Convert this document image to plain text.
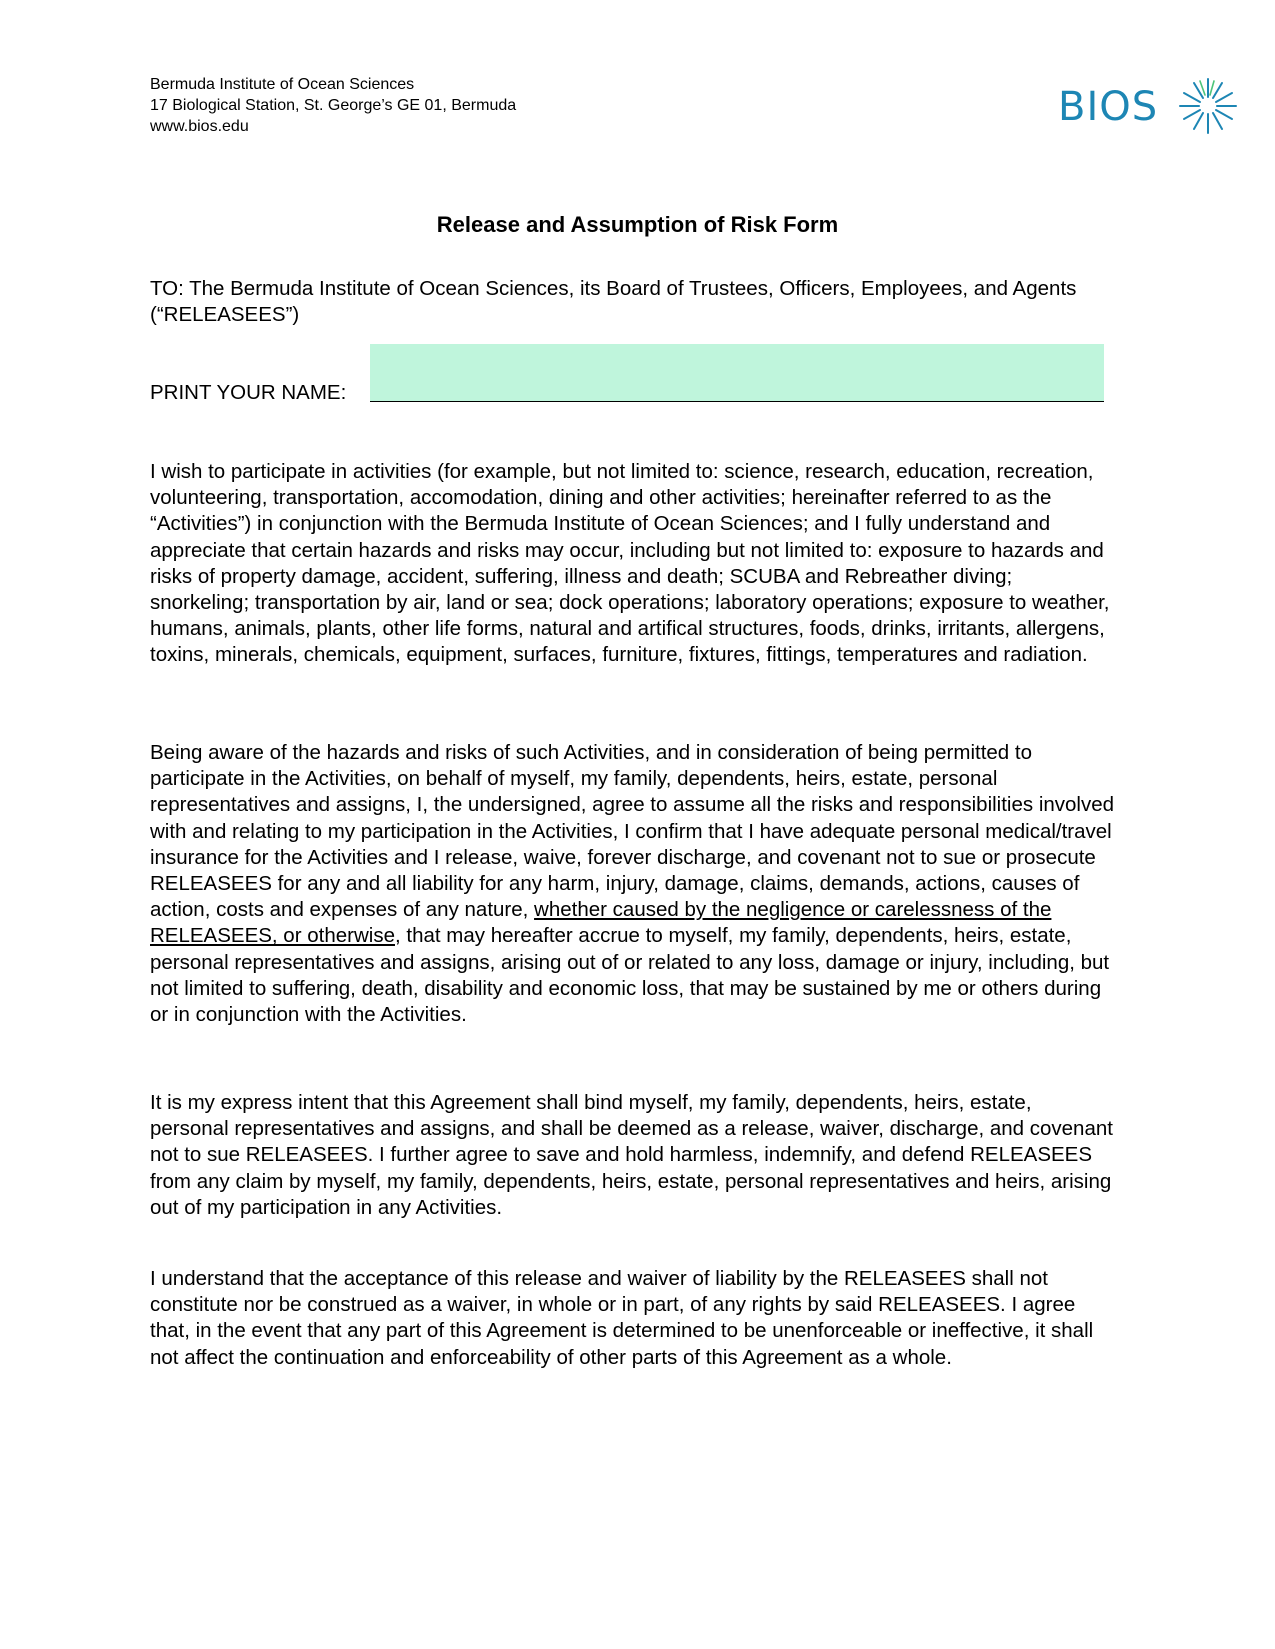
Bermuda Institute of Ocean Sciences
17 Biological Station, St. George’s GE 01, Bermuda
www.bios.edu	BIOS
Release and Assumption of Risk Form
TO: The Bermuda Institute of Ocean Sciences, its Board of Trustees, Officers, Employees, and Agents (“RELEASEES”)
PRINT YOUR NAME:

I wish to participate in activities (for example, but not limited to: science, research, education, recreation, volunteering, transportation, accomodation, dining and other activities; hereinafter referred to as the “Activities”) in conjunction with the Bermuda Institute of Ocean Sciences; and I fully understand and appreciate that certain hazards and risks may occur, including but not limited to: exposure to hazards and risks of property damage, accident, suffering, illness and death; SCUBA and Rebreather diving; snorkeling; transportation by air, land or sea; dock operations; laboratory operations; exposure to weather, humans, animals, plants, other life forms, natural and artifical structures, foods, drinks, irritants, allergens, toxins, minerals, chemicals, equipment, surfaces, furniture, fixtures, fittings, temperatures and radiation.

Being aware of the hazards and risks of such Activities, and in consideration of being permitted to participate in the Activities, on behalf of myself, my family, dependents, heirs, estate, personal representatives and assigns, I, the undersigned, agree to assume all the risks and responsibilities involved with and relating to my participation in the Activities, I confirm that I have adequate personal medical/travel insurance for the Activities and I release, waive, forever discharge, and covenant not to sue or prosecute RELEASEES for any and all liability for any harm, injury, damage, claims, demands, actions, causes of action, costs and expenses of any nature, whether caused by the negligence or carelessness of the RELEASEES, or otherwise, that may hereafter accrue to myself, my family, dependents, heirs, estate, personal representatives and assigns, arising out of or related to any loss, damage or injury, including, but not limited to suffering, death, disability and economic loss, that may be sustained by me or others during or in conjunction with the Activities.

It is my express intent that this Agreement shall bind myself, my family, dependents, heirs, estate, personal representatives and assigns, and shall be deemed as a release, waiver, discharge, and covenant not to sue RELEASEES. I further agree to save and hold harmless, indemnify, and defend RELEASEES from any claim by myself, my family, dependents, heirs, estate, personal representatives and heirs, arising out of my participation in any Activities.

I understand that the acceptance of this release and waiver of liability by the RELEASEES shall not constitute nor be construed as a waiver, in whole or in part, of any rights by said RELEASEES. I agree that, in the event that any part of this Agreement is determined to be unenforceable or ineffective, it shall not affect the continuation and enforceability of other parts of this Agreement as a whole.
